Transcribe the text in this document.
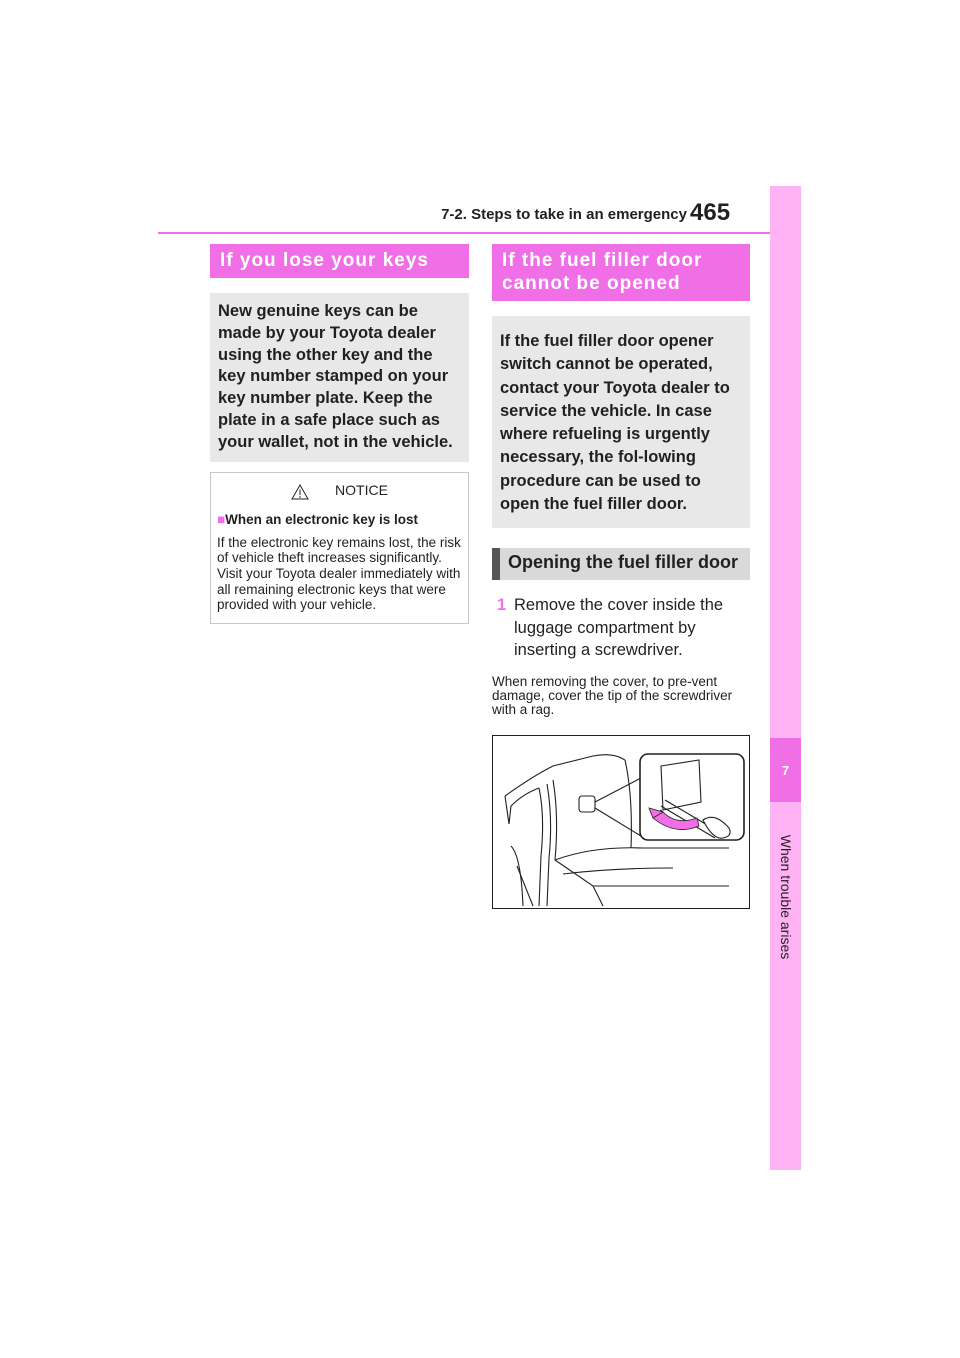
7-2. Steps to take in an emergency 465
7
When trouble arises
If you lose your keys
New genuine keys can be made by your Toyota dealer using the other key and the key number stamped on your key number plate. Keep the plate in a safe place such as your wallet, not in the vehicle.
NOTICE
■When an electronic key is lost
If the electronic key remains lost, the risk of vehicle theft increases significantly. Visit your Toyota dealer immediately with all remaining electronic keys that were provided with your vehicle.
If the fuel filler door cannot be opened
If the fuel filler door opener switch cannot be operated, contact your Toyota dealer to service the vehicle. In case where refueling is urgently necessary, the fol-lowing procedure can be used to open the fuel filler door.
Opening the fuel filler door
1 Remove the cover inside the luggage compartment by inserting a screwdriver.
When removing the cover, to pre-vent damage, cover the tip of the screwdriver with a rag.
